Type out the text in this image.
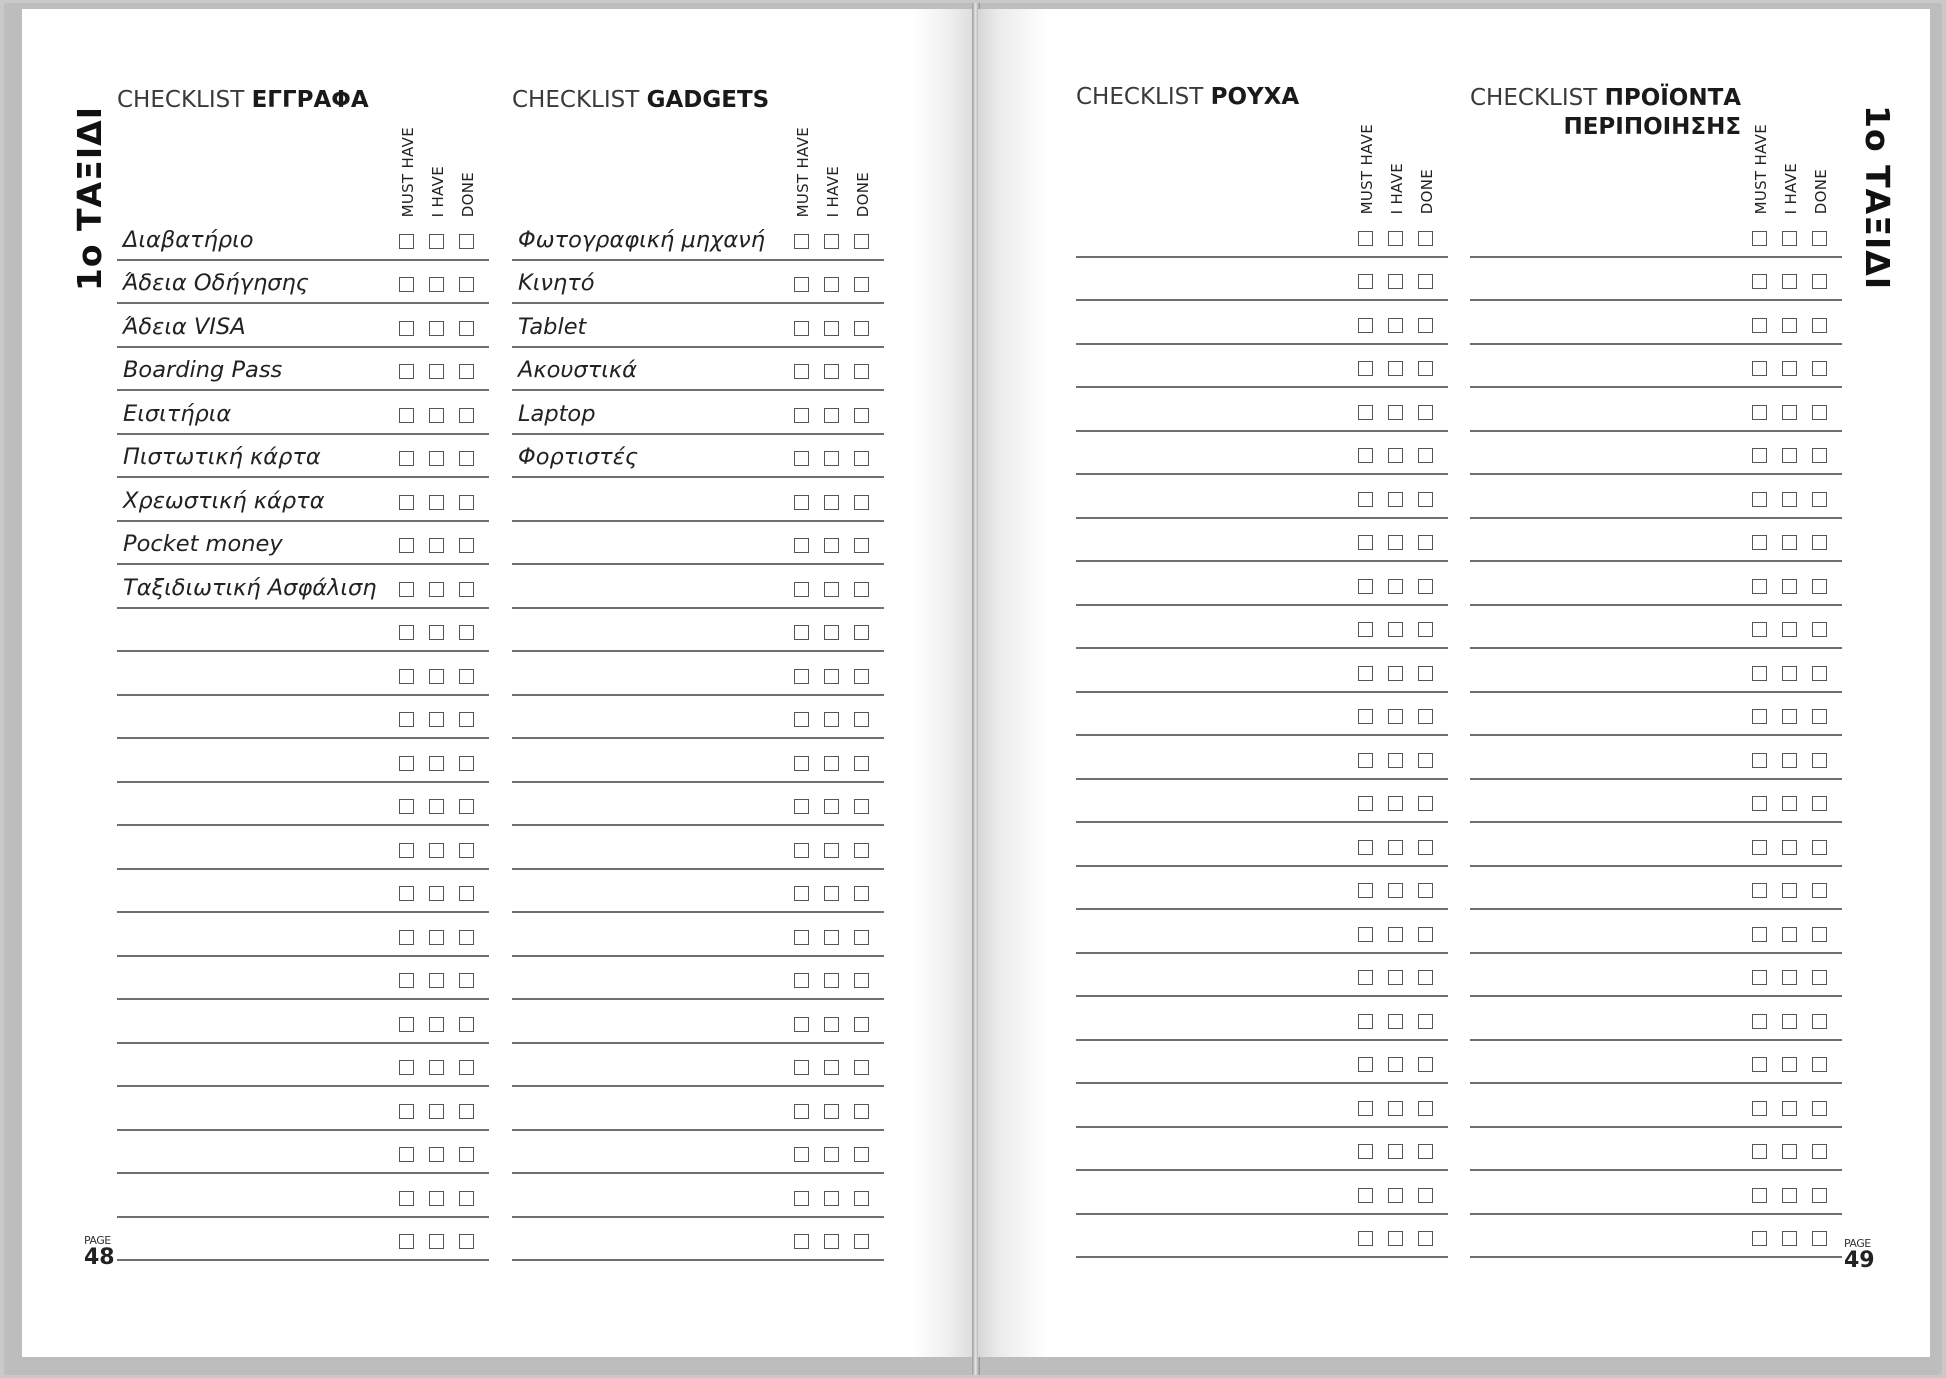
1ο ΤΑΞΙΔΙ
CHECKLIST ΕΓΓΡΑΦΑ
MUST HAVE I HAVE DONE
Διαβατήριο
Άδεια Οδήγησης
Άδεια VISA
Boarding Pass
Εισιτήρια
Πιστωτική κάρτα
Χρεωστική κάρτα
Pocket money
Ταξιδιωτική Ασφάλιση
CHECKLIST GADGETS
MUST HAVE I HAVE DONE
Φωτογραφική μηχανή
Κινητό
Tablet
Ακουστικά
Laptop
Φορτιστές
PAGE
48
CHECKLIST ΡΟΥΧΑ
MUST HAVE I HAVE DONE
CHECKLIST ΠΡΟΪΟΝΤΑ
ΠΕΡΙΠΟΙΗΣΗΣ MUST HAVE I HAVE DONE 1ο ΤΑΞΙΔΙ
PAGE
49
